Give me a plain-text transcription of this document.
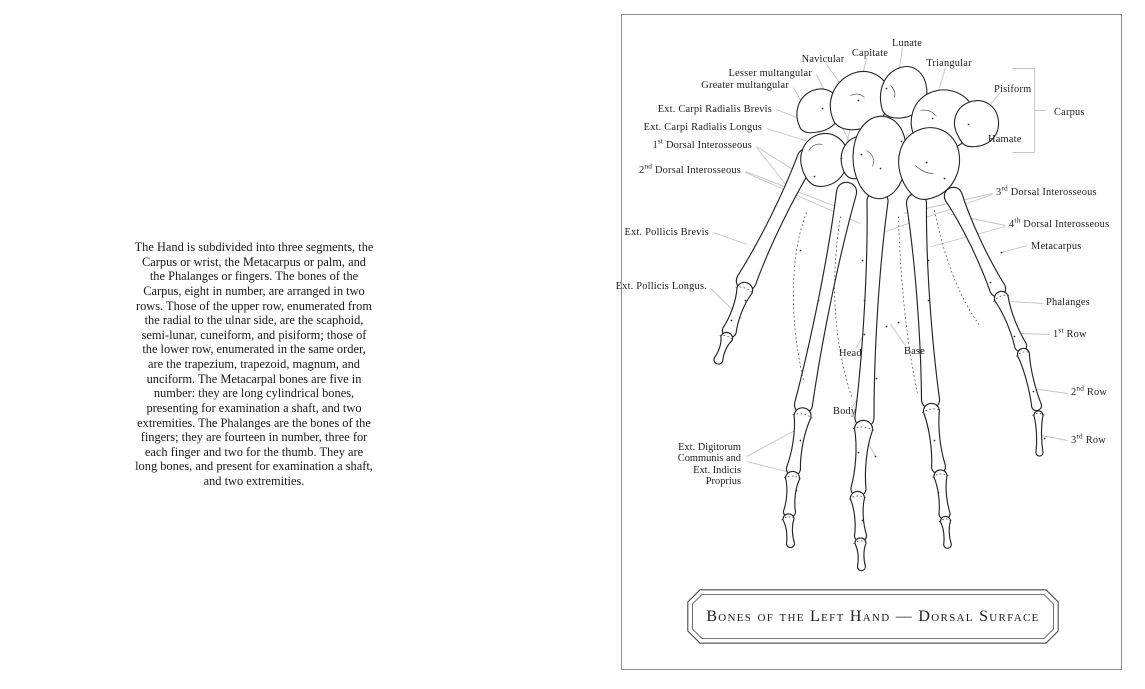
The Hand is subdivided into three segments, the Carpus or wrist, the Metacarpus or palm, and the Phalanges or fingers. The bones of the Carpus, eight in number, are arranged in two rows. Those of the upper row, enumerated from the radial to the ulnar side, are the scaphoid, semi-lunar, cuneiform, and pisiform; those of the lower row, enumerated in the same order, are the trapezium, trapezoid, magnum, and unciform. The Metacarpal bones are five in number: they are long cylindrical bones, presenting for examination a shaft, and two extremities. The Phalanges are the bones of the fingers; they are fourteen in number, three for each finger and two for the thumb. They are long bones, and present for examination a shaft, and two extremities.
Lunate
Capitate
Navicular	Triangular
Lesser multangular
Greater multangular
Ext. Carpi Radialis Brevis
Ext. Carpi Radialis Longus
1st Dorsal Interosseous
2nd Dorsal Interosseous
Ext. Pollicis Brevis
Ext. Pollicis Longus.
Ext. Digitorum
Communis and
Ext. Indicis
Proprius
Head	Base
Body
Pisiform
Carpus
Hamate
3rd Dorsal Interosseous
4th Dorsal Interosseous
Metacarpus
Phalanges
1st Row
2nd Row
3rd Row
Bones of the Left Hand — Dorsal Surface
